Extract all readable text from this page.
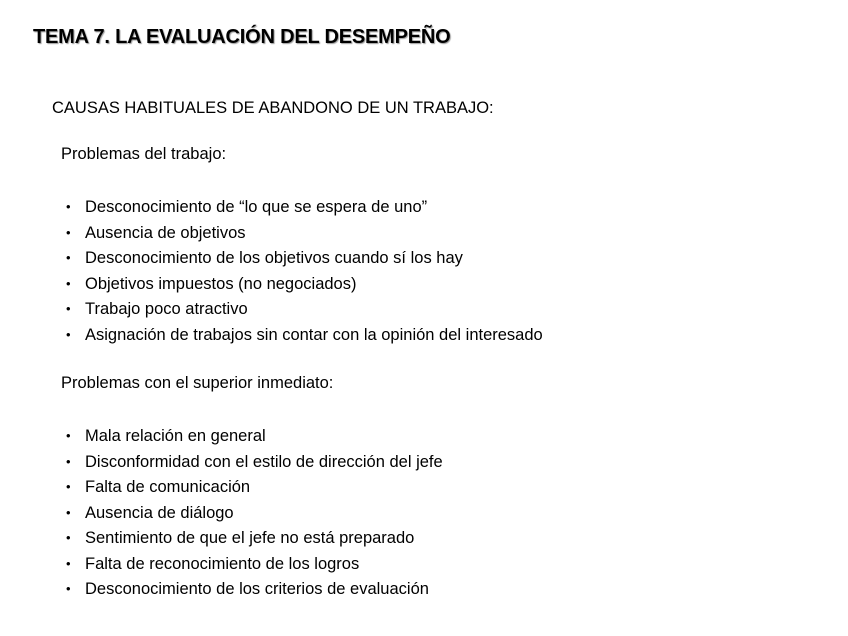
TEMA 7. LA EVALUACIÓN DEL DESEMPEÑO
CAUSAS HABITUALES DE ABANDONO DE UN TRABAJO:
Problemas del trabajo:
• Desconocimiento de “lo que se espera de uno”
• Ausencia de objetivos
• Desconocimiento de los objetivos cuando sí los hay
• Objetivos impuestos (no negociados)
• Trabajo poco atractivo
• Asignación de trabajos sin contar con la opinión del interesado
Problemas con el superior inmediato:
• Mala relación en general
• Disconformidad con el estilo de dirección del jefe
• Falta de comunicación
• Ausencia de diálogo
• Sentimiento de que el jefe no está preparado
• Falta de reconocimiento de los logros
• Desconocimiento de los criterios de evaluación
